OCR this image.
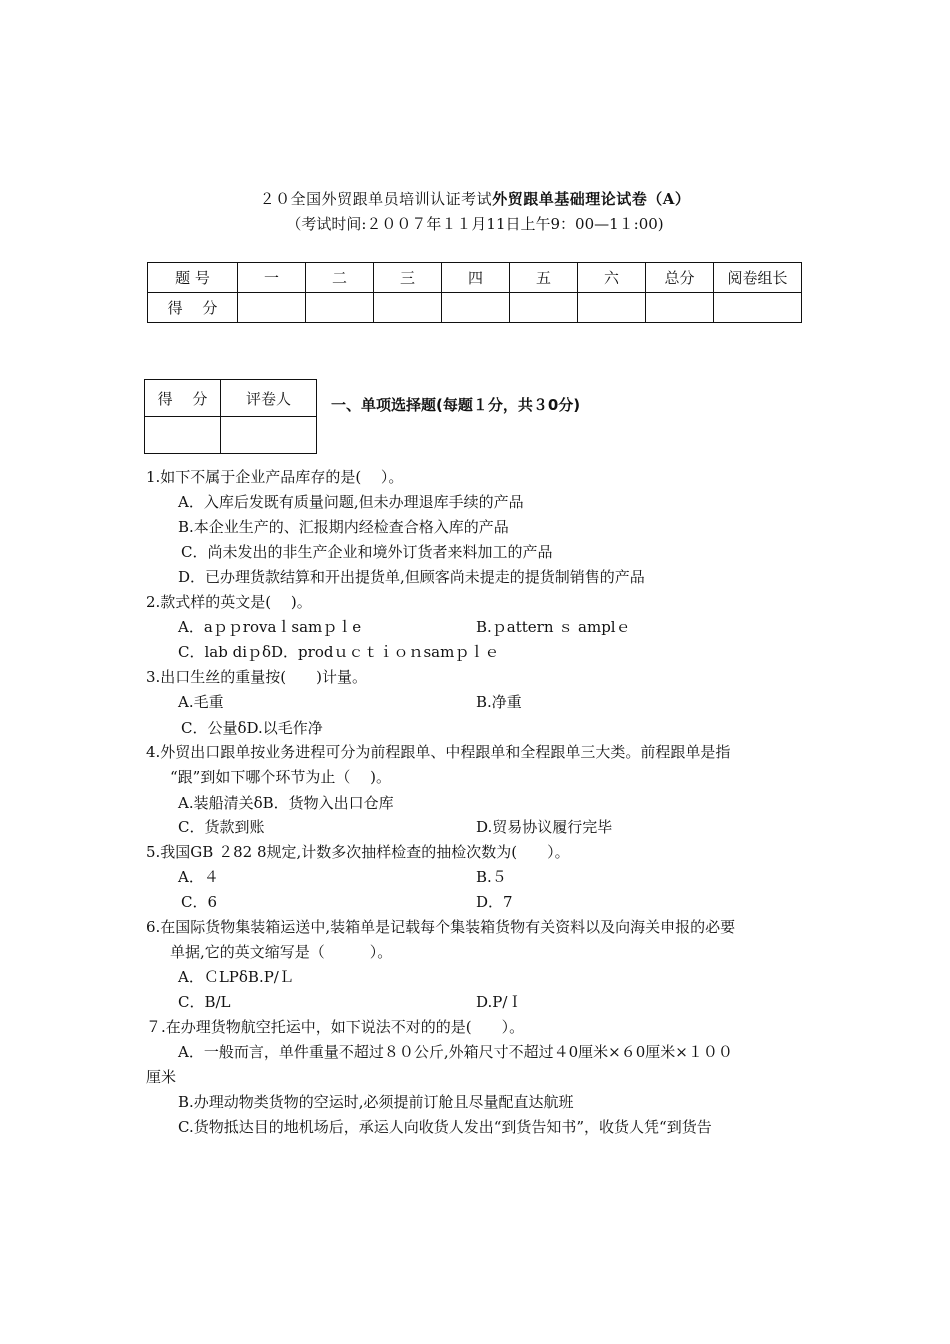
２０全国外贸跟单员培训认证考试外贸跟单基础理论试卷（A）
（考试时间:２００７年１１月11日上午9：00—1１:00)
题 号	一	二	三	四	五	六	总分	阅卷组长
得　 分								
得　 分	评卷人
		一、单项选择题(每题１分，共３0分)
1.如下不属于企业产品库存的是(　 ）。
A．入库后发既有质量问题,但未办理退库手续的产品
B.本企业生产的、汇报期内经检查合格入库的产品
C．尚未发出的非生产企业和境外订货者来料加工的产品
D．已办理货款结算和开出提货单,但顾客尚未提走的提货制销售的产品
2.款式样的英文是(　 )。
A．aｐｐrovaｌsamｐｌe	B.ｐattern ｓ amplｅ
C．lab diｐẟD．prodｕｃｔｉｏｎsamｐｌｅ
3.出口生丝的重量按(　　)计量。
A.毛重	B.净重
C．公量ẟD.以毛作净
4.外贸出口跟单按业务进程可分为前程跟单、中程跟单和全程跟单三大类。前程跟单是指
“跟”到如下哪个环节为止（　 )。
A.装船清关ẟB．货物入出口仓库
C．货款到账	D.贸易协议履行完毕
5.我国GB ２82 8规定,计数多次抽样检查的抽检次数为(　　）。
A．４	B.５
C．6	D．7
6.在国际货物集装箱运送中,装箱单是记载每个集装箱货物有关资料以及向海关申报的必要
单据,它的英文缩写是（　　　）。
A．ＣLPẟB.P/Ｌ
C．B/L	D.P/Ｉ
７.在办理货物航空托运中，如下说法不对的的是(　　）。
A．一般而言，单件重量不超过８０公斤,外箱尺寸不超过４0厘米×６0厘米×１００
厘米
B.办理动物类货物的空运时,必须提前订舱且尽量配直达航班
C.货物抵达目的地机场后，承运人向收货人发出“到货告知书”，收货人凭“到货告
